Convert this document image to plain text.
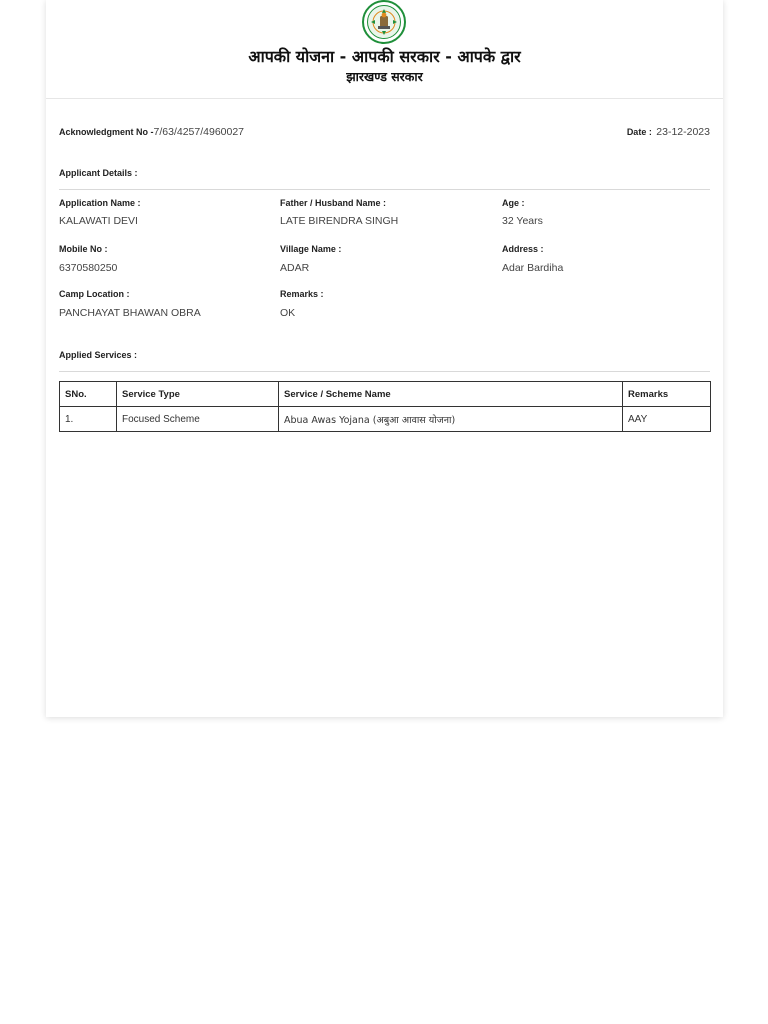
आपकी योजना - आपकी सरकार - आपके द्वार
झारखण्ड सरकार
Acknowledgment No -7/63/4257/4960027	Date : 23-12-2023
Applicant Details :
Application Name :
KALAWATI DEVI
Father / Husband Name :
LATE BIRENDRA SINGH
Age :
32 Years
Mobile No :
6370580250
Village Name :
ADAR
Address :
Adar Bardiha
Camp Location :
PANCHAYAT BHAWAN OBRA
Remarks :
OK
Applied Services :
SNo.	Service Type	Service / Scheme Name	Remarks
1.	Focused Scheme	Abua Awas Yojana (अबुआ आवास योजना)	AAY
